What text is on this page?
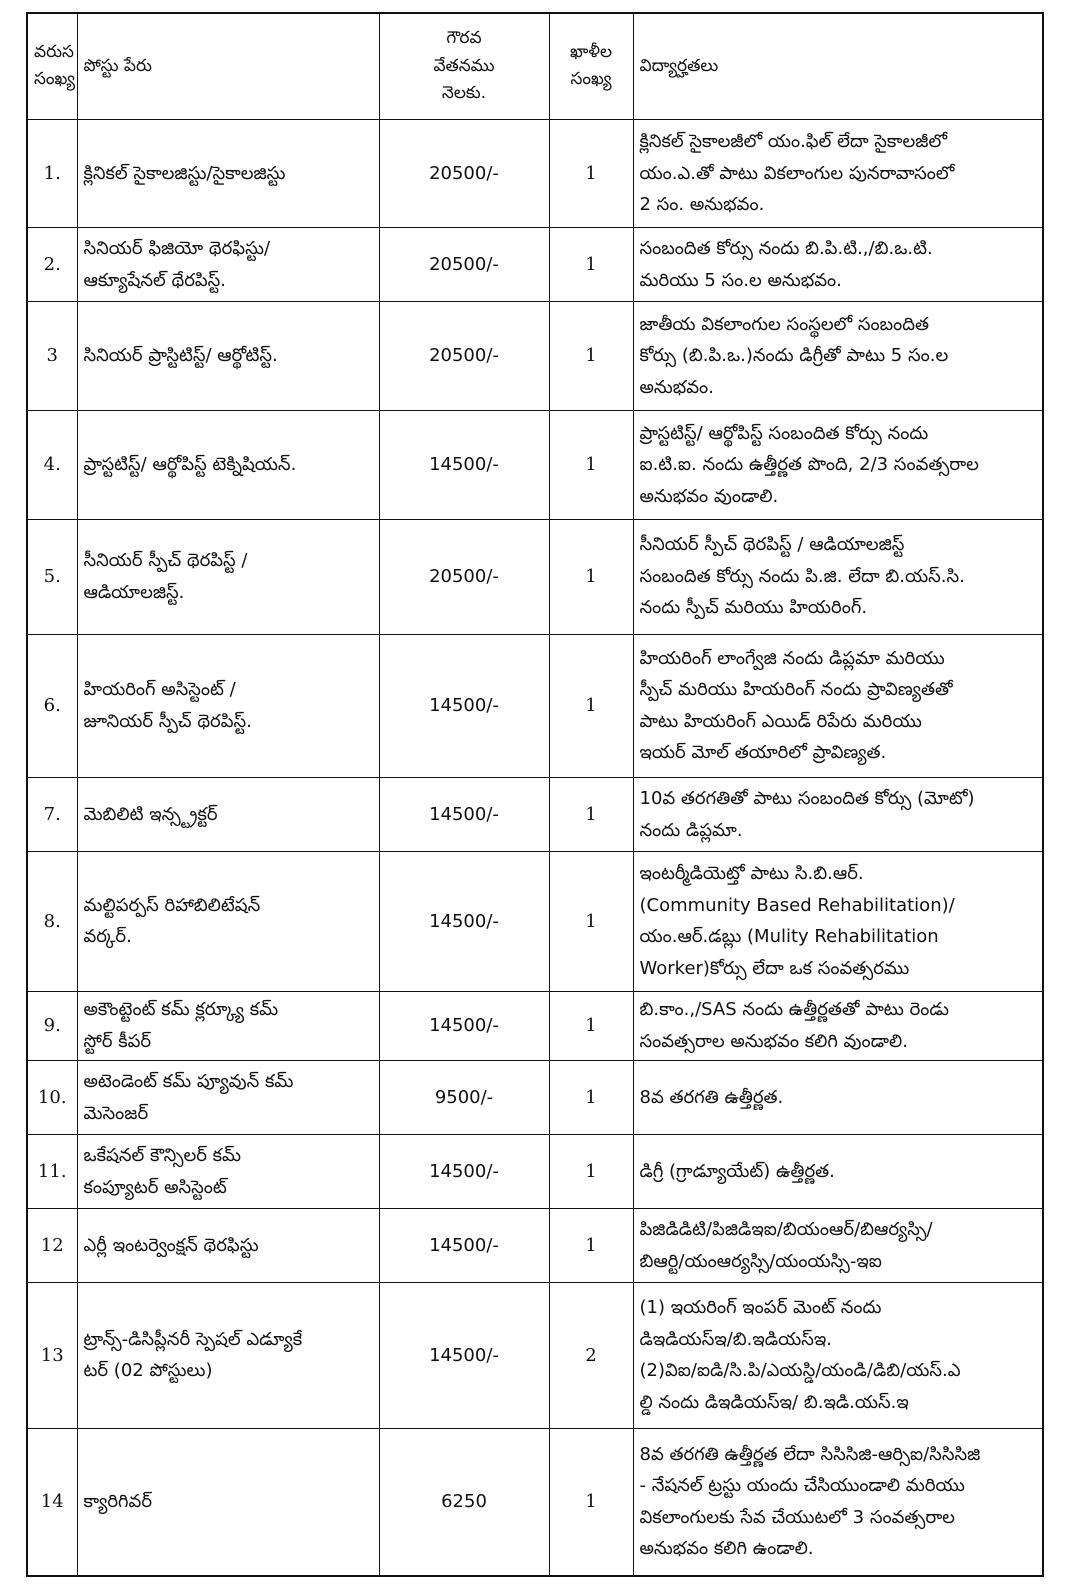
వరుస
సంఖ్య	పోస్టు పేరు	గౌరవ
వేతనము
నెలకు.	ఖాళీల
సంఖ్య	విద్యార్హతలు
1.	క్లినికల్ సైకాలజిస్టు/సైకాలజిస్టు	20500/-	1	క్లినికల్ సైకాలజీలో యం.ఫిల్ లేదా సైకాలజీలో
యం.ఎ.తో పాటు వికలాంగుల పునరావాసంలో
2 సం. అనుభవం.
2.	సినియర్ ఫిజియో థెరఫిస్టు/
ఆక్యూషేనల్ థేరపిస్ట్.	20500/-	1	సంబందిత కోర్సు నందు బి.పి.టి.,/బి.ఒ.టి.
మరియు 5 సం.ల అనుభవం.
3	సినియర్ ప్రాస్టిటిస్ట్/ ఆర్థోటిస్ట్.	20500/-	1	జాతీయ వికలాంగుల సంస్థలలో సంబందిత
కోర్సు (బి.పి.ఒ.)నందు డిగ్రీతో పాటు 5 సం.ల
అనుభవం.
4.	ప్రాస్టటిస్ట్/ ఆర్థోపిస్ట్ టెక్నిషియన్.	14500/-	1	ప్రాస్టటిస్ట్/ ఆర్థోపిస్ట్ సంబందిత కోర్సు నందు
ఐ.టి.ఐ. నందు ఉత్తీర్ణత పొంది, 2/3 సంవత్సరాల
అనుభవం వుండాలి.
5.	సీనియర్ స్పీచ్ థెరపిస్ట్ /
ఆడియాలజిస్ట్.	20500/-	1	సీనియర్ స్పీచ్ థెరపిస్ట్ / ఆడియాలజిస్ట్
సంబందిత కోర్సు నందు పి.జి. లేదా బి.యస్.సి.
నందు స్పీచ్ మరియు హియరింగ్.
6.	హియరింగ్ అసిస్టెంట్ /
జూనియర్ స్పీచ్ థెరపిస్ట్.	14500/-	1	హియరింగ్ లాంగ్వేజి నందు డిప్లమా మరియు
స్పీచ్ మరియు హియరింగ్ నందు ప్రావిణ్యతతో
పాటు హియరింగ్ ఎయిడ్ రిపేరు మరియు
ఇయర్ మోల్ తయారిలో ప్రావిణ్యత.
7.	మెబిలిటి ఇన్స్ట్రక్టర్	14500/-	1	10వ తరగతితో పాటు సంబందిత కోర్సు (మోటో)
నందు డిప్లమా.
8.	మల్టిపర్పస్ రిహాబిలిటేషన్
వర్కర్.	14500/-	1	ఇంటర్మీడియెట్తో పాటు సి.బి.ఆర్.
(Community Based Rehabilitation)/
యం.ఆర్.డబ్లు (Mulity Rehabilitation
Worker)కోర్సు లేదా ఒక సంవత్సరము
9.	అకౌంట్టెంట్ కమ్ క్లర్క్యూ కమ్
స్టోర్ కీపర్	14500/-	1	బి.కాం.,/SAS నందు ఉత్తీర్ణతతో పాటు రెండు
సంవత్సరాల అనుభవం కలిగి వుండాలి.
10.	అటెండెంట్ కమ్ ప్యూవున్ కమ్
మెసెంజర్	9500/-	1	8వ తరగతి ఉత్తీర్ణత.
11.	ఒకేషనల్ కౌన్సిలర్ కమ్
కంప్యూటర్ అసిస్టెంట్	14500/-	1	డిగ్రీ (గ్రాడ్యూయేట్) ఉత్తీర్ణత.
12	ఎర్లీ ఇంటర్వెంక్షన్ థెరఫిస్టు	14500/-	1	పిజిడిడిటి/పిజిడిఇఐ/బియంఆర్/బిఆర్యస్సి/
బిఆర్టి/యంఆర్యస్సి/యంయస్సి-ఇఐ
13	ట్రాన్స్-డిసిప్లీనరీ స్పెషల్ ఎడ్యూకే
టర్ (02 పోస్టులు)	14500/-	2	(1) ఇయరింగ్ ఇంపర్ మెంట్ నందు
డిఇడియస్ఇ/బి.ఇడియస్ఇ.
(2)విఐ/ఐడి/సి.పి/ఎయస్డి/యండి/డిబి/యస్.ఎ
ల్డి నందు డిఇడియస్ఇ/ బి.ఇడి.యస్.ఇ
14	క్యారిగివర్	6250	1	8వ తరగతి ఉత్తీర్ణత లేదా సిసిసిజి-ఆర్సిఐ/సిసిసిజి
- నేషనల్ ట్రస్టు యందు చేసియుండాలి మరియు
వికలాంగులకు సేవ చేయుటలో 3 సంవత్సరాల
అనుభవం కలిగి ఉండాలి.
